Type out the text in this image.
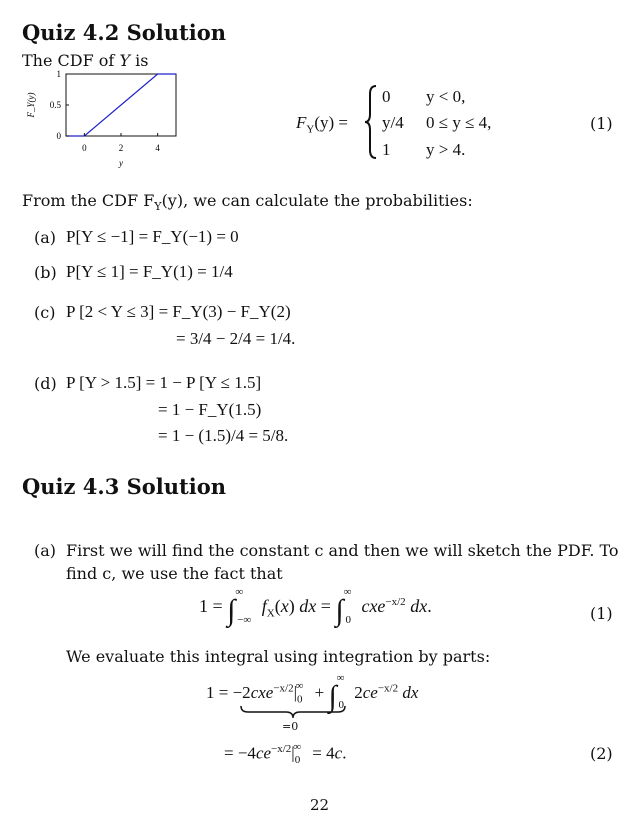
Quiz 4.2 Solution
The CDF of Y is
0
0.5
1
0	2	4
y
F_Y(y)
$F_Y(y)$ =
0 y < 0,
y/4 0 ≤ y ≤ 4,
1 y > 4.
(1)
From the CDF $F_Y(y)$, we can calculate the probabilities:
(a) P[Y ≤ −1] = F_Y(−1) = 0
(b) P[Y ≤ 1] = F_Y(1) = 1/4
(c) P [2 < Y ≤ 3] = F_Y(3) − F_Y(2)
= 3/4 − 2/4 = 1/4.
(d) P [Y > 1.5] = 1 − P [Y ≤ 1.5]
= 1 − F_Y(1.5)
= 1 − (1.5)/4 = 5/8.
Quiz 4.3 Solution
(a) First we will find the constant c and then we will sketch the PDF. To
find c, we use the fact that
$1 = \int^\infty_{-\infty}$ $f_X(x)$ dx = $\int^\infty_0$ cxe$^{-x/2}$ dx.	(1)
We evaluate this integral using integration by parts:
$1 = -2cxe^{-x/2}|_0^\infty + \int^\infty_0$ $2ce^{-x/2}$ dx
=0
= $-4ce^{-x/2}|_0^\infty = 4c$.	(2)
22
